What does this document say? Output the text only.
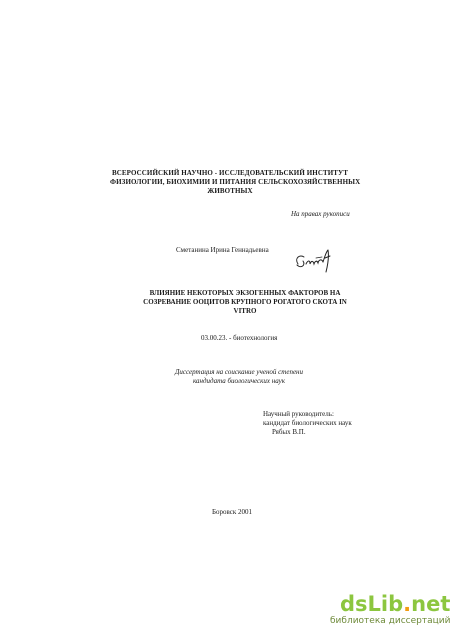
ВСЕРОССИЙСКИЙ НАУЧНО - ИССЛЕДОВАТЕЛЬСКИЙ ИНСТИТУТ
ФИЗИОЛОГИИ, БИОХИМИИ И ПИТАНИЯ СЕЛЬСКОХОЗЯЙСТВЕННЫХ
ЖИВОТНЫХ
На правах рукописи
Сметанина Ирина Геннадьевна
ВЛИЯНИЕ НЕКОТОРЫХ ЭКЗОГЕННЫХ ФАКТОРОВ НА
СОЗРЕВАНИЕ ООЦИТОВ КРУПНОГО РОГАТОГО СКОТА IN
VITRO
03.00.23. - биотехнология
Диссертация на соискание ученой степени
кандидата биологических наук
Научный руководитель:
кандидат биологических наук
Рябых В.П.
Боровск 2001
dsLib.net
библиотека диссертаций
